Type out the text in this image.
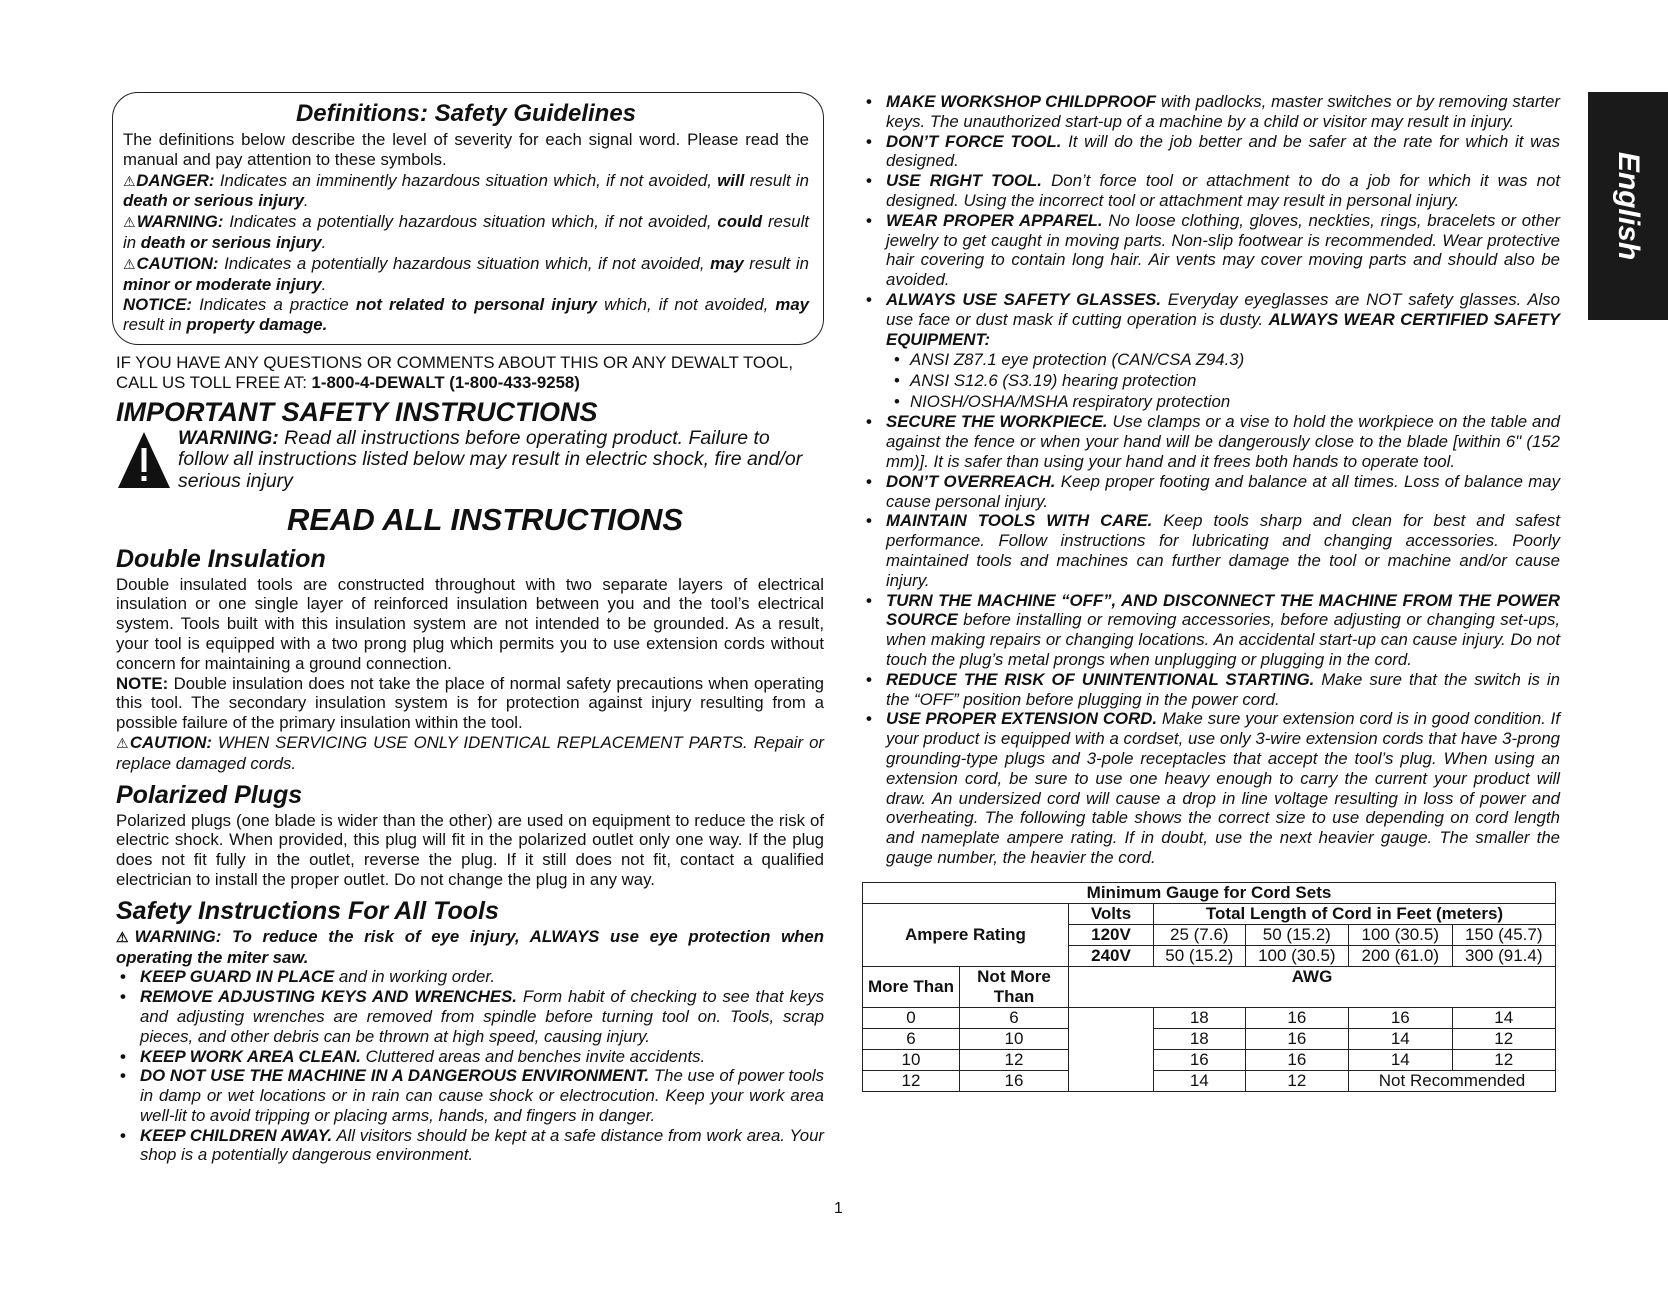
Definitions: Safety Guidelines

The definitions below describe the level of severity for each signal word. Please read the manual and pay attention to these symbols.

⚠DANGER: Indicates an imminently hazardous situation which, if not avoided, will result in death or serious injury.

⚠WARNING: Indicates a potentially hazardous situation which, if not avoided, could result in death or serious injury.

⚠CAUTION: Indicates a potentially hazardous situation which, if not avoided, may result in minor or moderate injury.

NOTICE: Indicates a practice not related to personal injury which, if not avoided, may result in property damage.

IF YOU HAVE ANY QUESTIONS OR COMMENTS ABOUT THIS OR ANY DEWALT TOOL, CALL US TOLL FREE AT: 1-800-4-DEWALT (1-800-433-9258)

IMPORTANT SAFETY INSTRUCTIONS
WARNING: Read all instructions before operating product. Failure to follow all instructions listed below may result in electric shock, fire and/or serious injury
READ ALL INSTRUCTIONS
Double Insulation

Double insulated tools are constructed throughout with two separate layers of electrical insulation or one single layer of reinforced insulation between you and the tool’s electrical system. Tools built with this insulation system are not intended to be grounded. As a result, your tool is equipped with a two prong plug which permits you to use extension cords without concern for maintaining a ground connection.

NOTE: Double insulation does not take the place of normal safety precautions when operating this tool. The secondary insulation system is for protection against injury resulting from a possible failure of the primary insulation within the tool.

⚠CAUTION: WHEN SERVICING USE ONLY IDENTICAL REPLACEMENT PARTS. Repair or replace damaged cords.

Polarized Plugs

Polarized plugs (one blade is wider than the other) are used on equipment to reduce the risk of electric shock. When provided, this plug will fit in the polarized outlet only one way. If the plug does not fit fully in the outlet, reverse the plug. If it still does not fit, contact a qualified electrician to install the proper outlet. Do not change the plug in any way.

Safety Instructions For All Tools

⚠WARNING: To reduce the risk of eye injury, ALWAYS use eye protection when operating the miter saw.

• KEEP GUARD IN PLACE and in working order.
• REMOVE ADJUSTING KEYS AND WRENCHES. Form habit of checking to see that keys and adjusting wrenches are removed from spindle before turning tool on. Tools, scrap pieces, and other debris can be thrown at high speed, causing injury.
• KEEP WORK AREA CLEAN. Cluttered areas and benches invite accidents.
• DO NOT USE THE MACHINE IN A DANGEROUS ENVIRONMENT. The use of power tools in damp or wet locations or in rain can cause shock or electrocution. Keep your work area well-lit to avoid tripping or placing arms, hands, and fingers in danger.
• KEEP CHILDREN AWAY. All visitors should be kept at a safe distance from work area. Your shop is a potentially dangerous environment.
• MAKE WORKSHOP CHILDPROOF with padlocks, master switches or by removing starter keys. The unauthorized start-up of a machine by a child or visitor may result in injury.
• DON’T FORCE TOOL. It will do the job better and be safer at the rate for which it was designed.
• USE RIGHT TOOL. Don’t force tool or attachment to do a job for which it was not designed. Using the incorrect tool or attachment may result in personal injury.
• WEAR PROPER APPAREL. No loose clothing, gloves, neckties, rings, bracelets or other jewelry to get caught in moving parts. Non-slip footwear is recommended. Wear protective hair covering to contain long hair. Air vents may cover moving parts and should also be avoided.
• ALWAYS USE SAFETY GLASSES. Everyday eyeglasses are NOT safety glasses. Also use face or dust mask if cutting operation is dusty. ALWAYS WEAR CERTIFIED SAFETY EQUIPMENT:
• ANSI Z87.1 eye protection (CAN/CSA Z94.3)
• ANSI S12.6 (S3.19) hearing protection
• NIOSH/OSHA/MSHA respiratory protection
• SECURE THE WORKPIECE. Use clamps or a vise to hold the workpiece on the table and against the fence or when your hand will be dangerously close to the blade [within 6" (152 mm)]. It is safer than using your hand and it frees both hands to operate tool.
• DON’T OVERREACH. Keep proper footing and balance at all times. Loss of balance may cause personal injury.
• MAINTAIN TOOLS WITH CARE. Keep tools sharp and clean for best and safest performance. Follow instructions for lubricating and changing accessories. Poorly maintained tools and machines can further damage the tool or machine and/or cause injury.
• TURN THE MACHINE “OFF”, AND DISCONNECT THE MACHINE FROM THE POWER SOURCE before installing or removing accessories, before adjusting or changing set-ups, when making repairs or changing locations. An accidental start-up can cause injury. Do not touch the plug’s metal prongs when unplugging or plugging in the cord.
• REDUCE THE RISK OF UNINTENTIONAL STARTING. Make sure that the switch is in the “OFF” position before plugging in the power cord.
• USE PROPER EXTENSION CORD. Make sure your extension cord is in good condition. If your product is equipped with a cordset, use only 3-wire extension cords that have 3-prong grounding-type plugs and 3-pole receptacles that accept the tool’s plug. When using an extension cord, be sure to use one heavy enough to carry the current your product will draw. An undersized cord will cause a drop in line voltage resulting in loss of power and overheating. The following table shows the correct size to use depending on cord length and nameplate ampere rating. If in doubt, use the next heavier gauge. The smaller the gauge number, the heavier the cord.
Minimum Gauge for Cord Sets						
Ampere Rating		Volts	Total Length of Cord in Feet (meters)			
		120V	25 (7.6)	50 (15.2)	100 (30.5)	150 (45.7)
		240V	50 (15.2)	100 (30.5)	200 (61.0)	300 (91.4)
More Than	Not More Than	AWG				
0	6		18	16	16	14
6	10		18	16	14	12
10	12		16	16	14	12
12	16		14	12	Not Recommended	
English
1
